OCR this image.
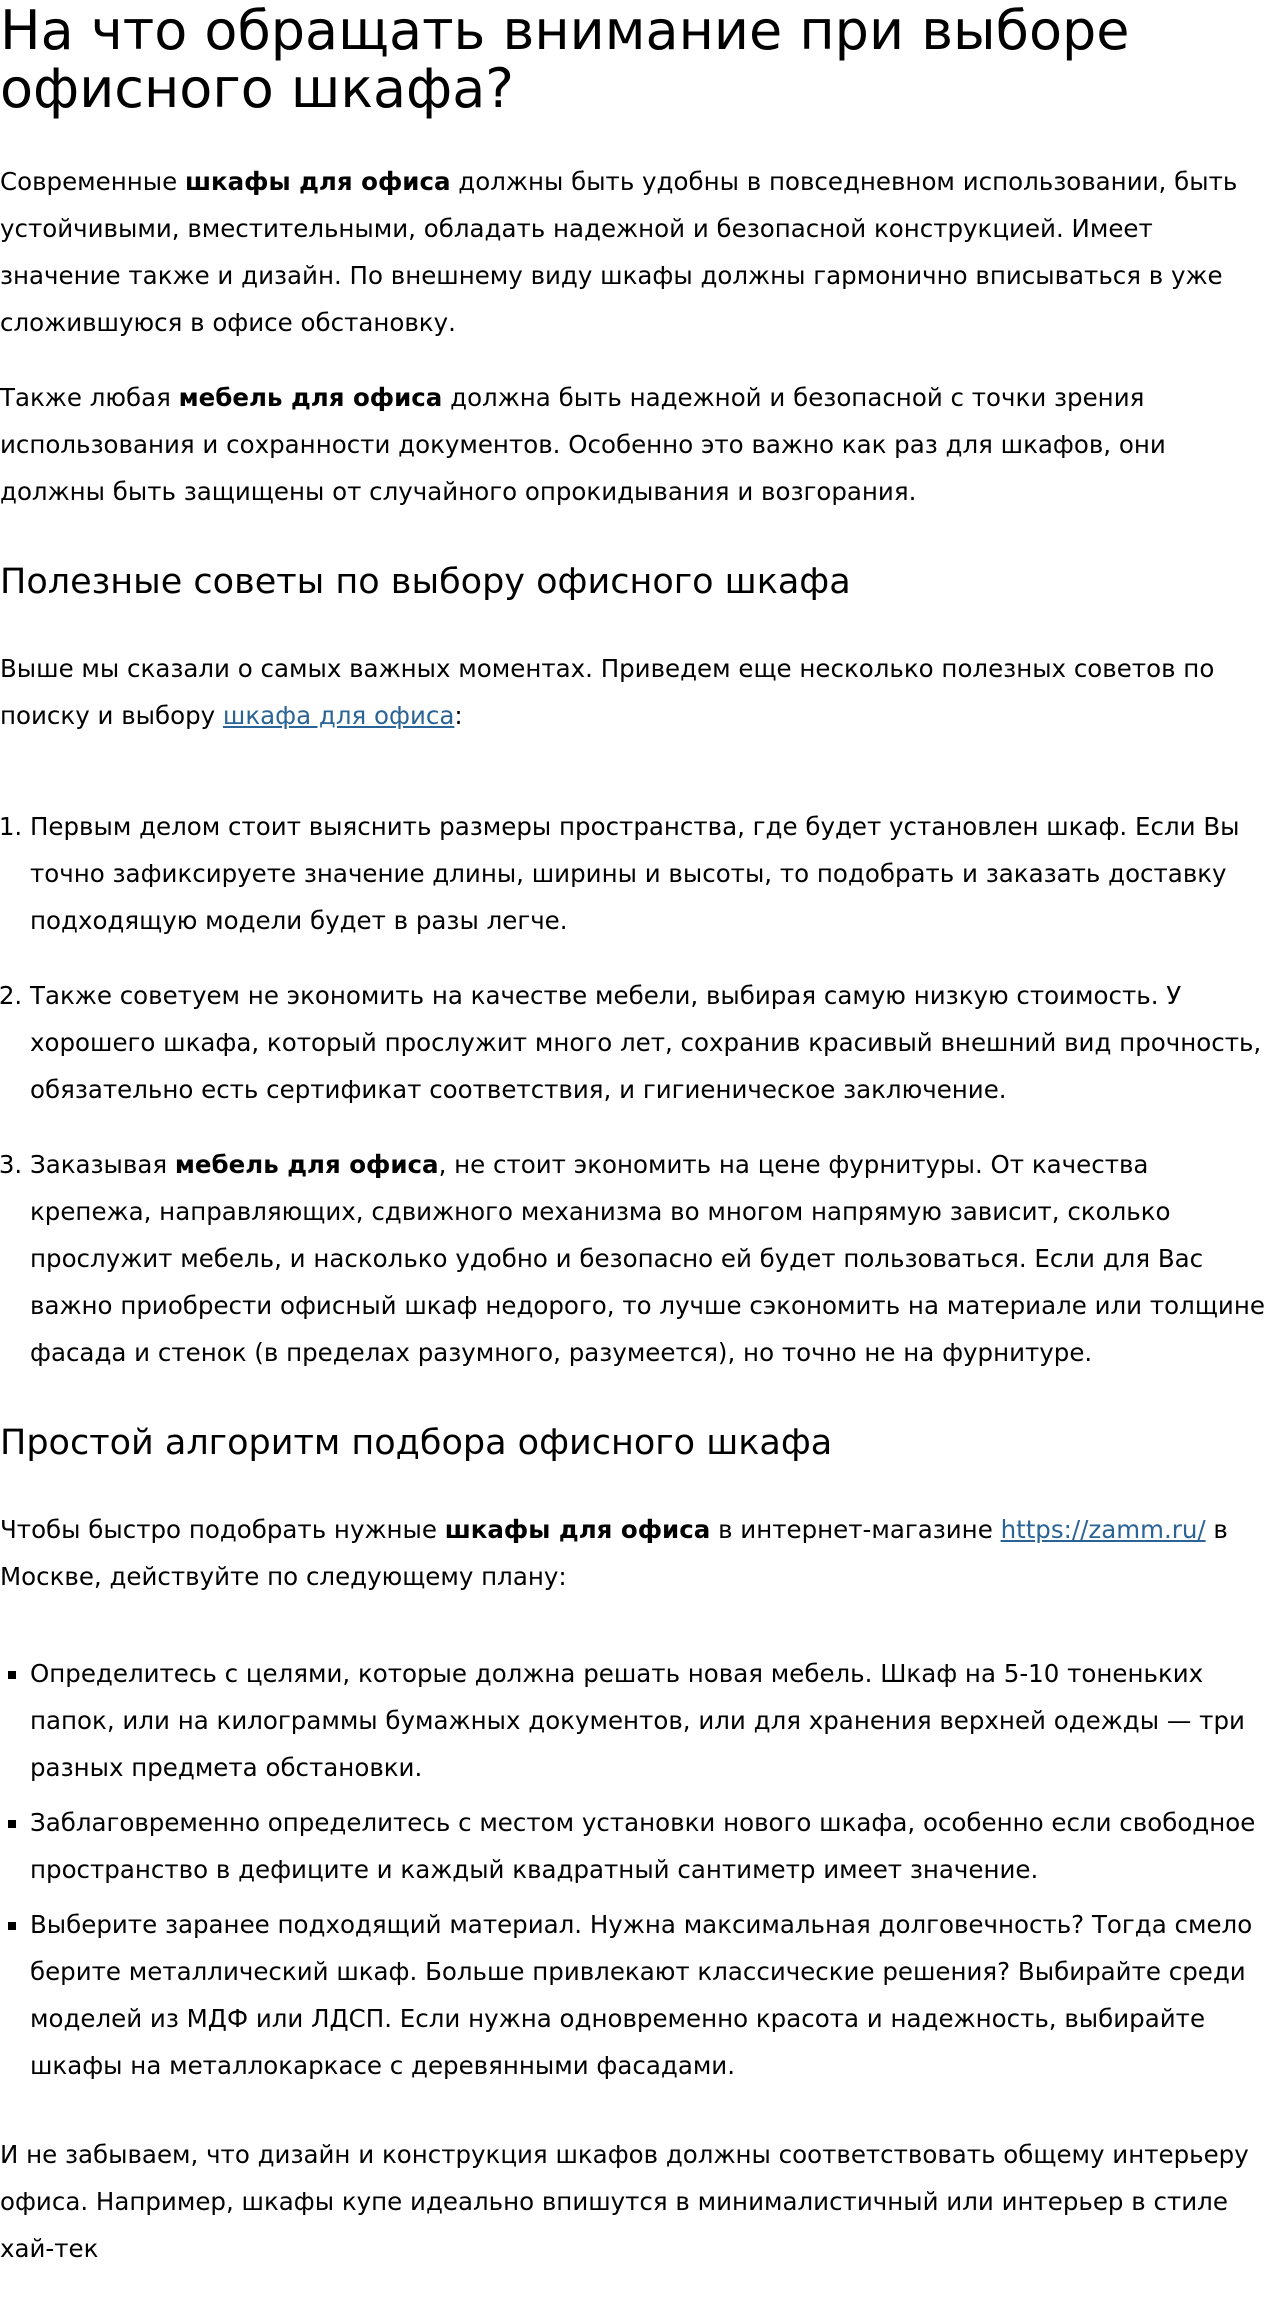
На что обращать внимание при выборе офисного шкафа?

Современные шкафы для офиса должны быть удобны в повседневном использовании, быть устойчивыми, вместительными, обладать надежной и безопасной конструкцией. Имеет значение также и дизайн. По внешнему виду шкафы должны гармонично вписываться в уже сложившуюся в офисе обстановку.

Также любая мебель для офиса должна быть надежной и безопасной с точки зрения использования и сохранности документов. Особенно это важно как раз для шкафов, они должны быть защищены от случайного опрокидывания и возгорания.

Полезные советы по выбору офисного шкафа

Выше мы сказали о самых важных моментах. Приведем еще несколько полезных советов по поиску и выбору шкафа для офиса:

1. Первым делом стоит выяснить размеры пространства, где будет установлен шкаф. Если Вы точно зафиксируете значение длины, ширины и высоты, то подобрать и заказать доставку подходящую модели будет в разы легче.
2. Также советуем не экономить на качестве мебели, выбирая самую низкую стоимость. У хорошего шкафа, который прослужит много лет, сохранив красивый внешний вид прочность, обязательно есть сертификат соответствия, и гигиеническое заключение.
3. Заказывая мебель для офиса, не стоит экономить на цене фурнитуры. От качества крепежа, направляющих, сдвижного механизма во многом напрямую зависит, сколько прослужит мебель, и насколько удобно и безопасно ей будет пользоваться. Если для Вас важно приобрести офисный шкаф недорого, то лучше сэкономить на материале или толщине фасада и стенок (в пределах разумного, разумеется), но точно не на фурнитуре.
Простой алгоритм подбора офисного шкафа

Чтобы быстро подобрать нужные шкафы для офиса в интернет-магазине https://zamm.ru/ в Москве, действуйте по следующему плану:

▪ Определитесь с целями, которые должна решать новая мебель. Шкаф на 5-10 тоненьких папок, или на килограммы бумажных документов, или для хранения верхней одежды — три разных предмета обстановки.
▪ Заблаговременно определитесь с местом установки нового шкафа, особенно если свободное пространство в дефиците и каждый квадратный сантиметр имеет значение.
▪ Выберите заранее подходящий материал. Нужна максимальная долговечность? Тогда смело берите металлический шкаф. Больше привлекают классические решения? Выбирайте среди моделей из МДФ или ЛДСП. Если нужна одновременно красота и надежность, выбирайте шкафы на металлокаркасе с деревянными фасадами.

И не забываем, что дизайн и конструкция шкафов должны соответствовать общему интерьеру офиса. Например, шкафы купе идеально впишутся в минималистичный или интерьер в стиле хай-тек
